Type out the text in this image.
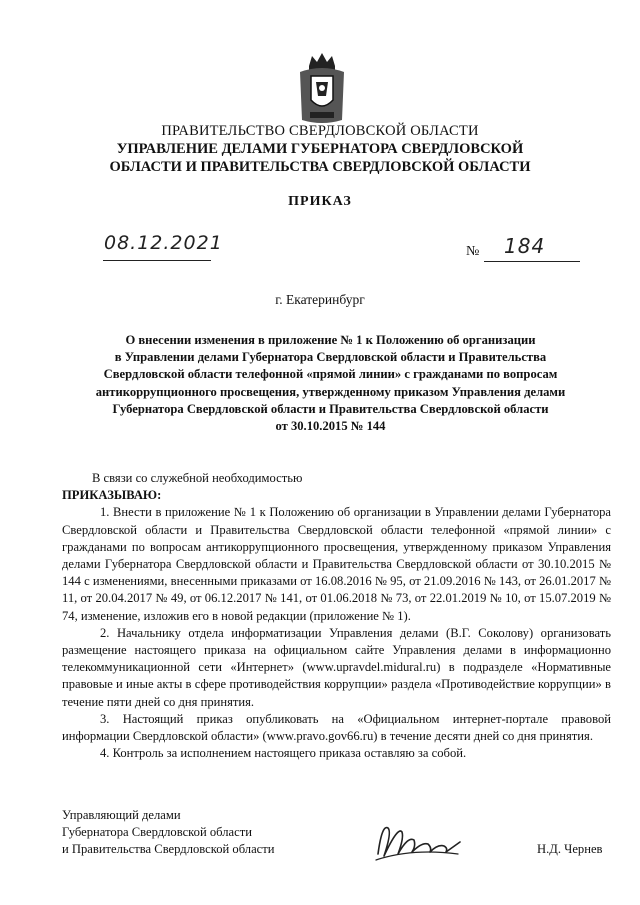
ПРАВИТЕЛЬСТВО СВЕРДЛОВСКОЙ ОБЛАСТИ
УПРАВЛЕНИЕ ДЕЛАМИ ГУБЕРНАТОРА СВЕРДЛОВСКОЙ
ОБЛАСТИ И ПРАВИТЕЛЬСТВА СВЕРДЛОВСКОЙ ОБЛАСТИ
ПРИКАЗ
08.12.2021	№ 184
г. Екатеринбург
О внесении изменения в приложение № 1 к Положению об организации
в Управлении делами Губернатора Свердловской области и Правительства
Свердловской области телефонной «прямой линии» с гражданами по вопросам
антикоррупционного просвещения, утвержденному приказом Управления делами
Губернатора Свердловской области и Правительства Свердловской области
от 30.10.2015 № 144

В связи со служебной необходимостью

ПРИКАЗЫВАЮ:

1. Внести в приложение № 1 к Положению об организации в Управлении делами Губернатора Свердловской области и Правительства Свердловской области телефонной «прямой линии» с гражданами по вопросам антикоррупционного просвещения, утвержденному приказом Управления делами Губернатора Свердловской области и Правительства Свердловской области от 30.10.2015 № 144 с изменениями, внесенными приказами от 16.08.2016 № 95, от 21.09.2016 № 143, от 26.01.2017 № 11, от 20.04.2017 № 49, от 06.12.2017 № 141, от 01.06.2018 № 73, от 22.01.2019 № 10, от 15.07.2019 № 74, изменение, изложив его в новой редакции (приложение № 1).

2. Начальнику отдела информатизации Управления делами (В.Г. Соколову) организовать размещение настоящего приказа на официальном сайте Управления делами в информационно телекоммуникационной сети «Интернет» (www.upravdel.midural.ru) в подразделе «Нормативные правовые и иные акты в сфере противодействия коррупции» раздела «Противодействие коррупции» в течение пяти дней со дня принятия.

3. Настоящий приказ опубликовать на «Официальном интернет-портале правовой информации Свердловской области» (www.pravo.gov66.ru) в течение десяти дней со дня принятия.

4. Контроль за исполнением настоящего приказа оставляю за собой.

Управляющий делами
Губернатора Свердловской области
и Правительства Свердловской области	Н.Д. Чернев
